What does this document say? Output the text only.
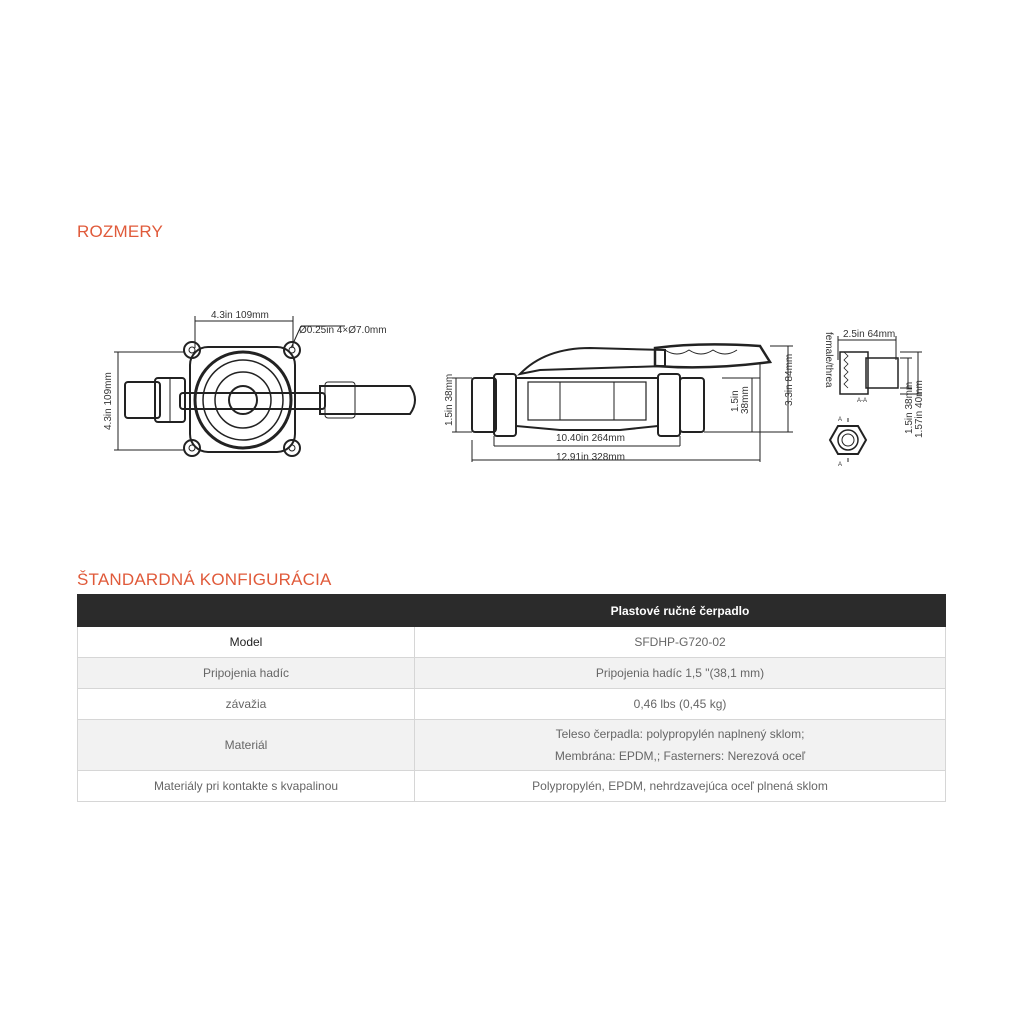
ROZMERY
4.3in 109mm
Ø0.25in 4×Ø7.0mm
4.3in 109mm	1.5in 38mm	1.5in 38mm	3.3in 84mm
10.40in 264mm
12.91in 328mm
2.5in 64mm
female/threa
1.5in 38mm 1.57in 40mm
A-A
A
A
ŠTANDARDNÁ KONFIGURÁCIA
	Plastové ručné čerpadlo
Model	SFDHP-G720-02
Pripojenia hadíc	Pripojenia hadíc 1,5 "(38,1 mm)
závažia	0,46 lbs (0,45 kg)
Materiál	Teleso čerpadla: polypropylén naplnený sklom;
Membrána: EPDM,; Fasterners: Nerezová oceľ

Materiály pri kontakte s kvapalinou	Polypropylén, EPDM, nehrdzavejúca oceľ plnená sklom
